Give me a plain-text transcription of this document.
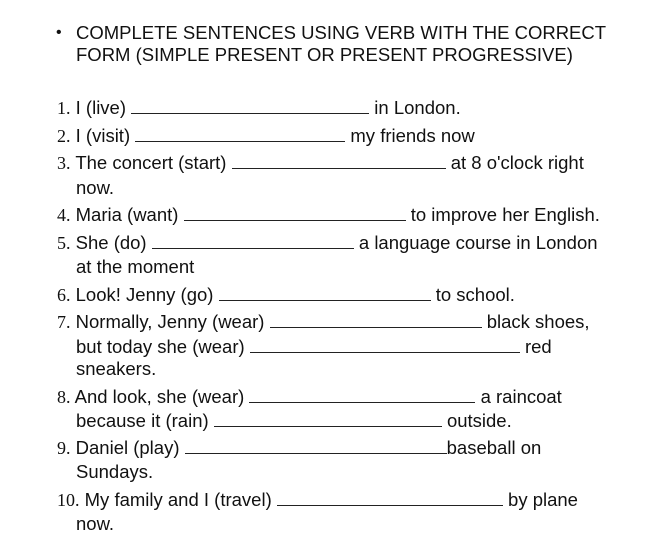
• COMPLETE SENTENCES USING VERB WITH THE CORRECT FORM (SIMPLE PRESENT OR PRESENT PROGRESSIVE)
1. I (live)	in London.
2. I (visit)	my friends now
3. The concert (start)	at 8 o'clock right
now.
4. Maria (want)	to improve her English.
5. She (do)	a language course in London
at the moment
6. Look! Jenny (go)	to school.
7. Normally, Jenny (wear)	black shoes,
but today she (wear)	red
sneakers.
8. And look, she (wear)	a raincoat
because it (rain)	outside.
9. Daniel (play)	baseball on
Sundays.
10. My family and I (travel)	by plane
now.
